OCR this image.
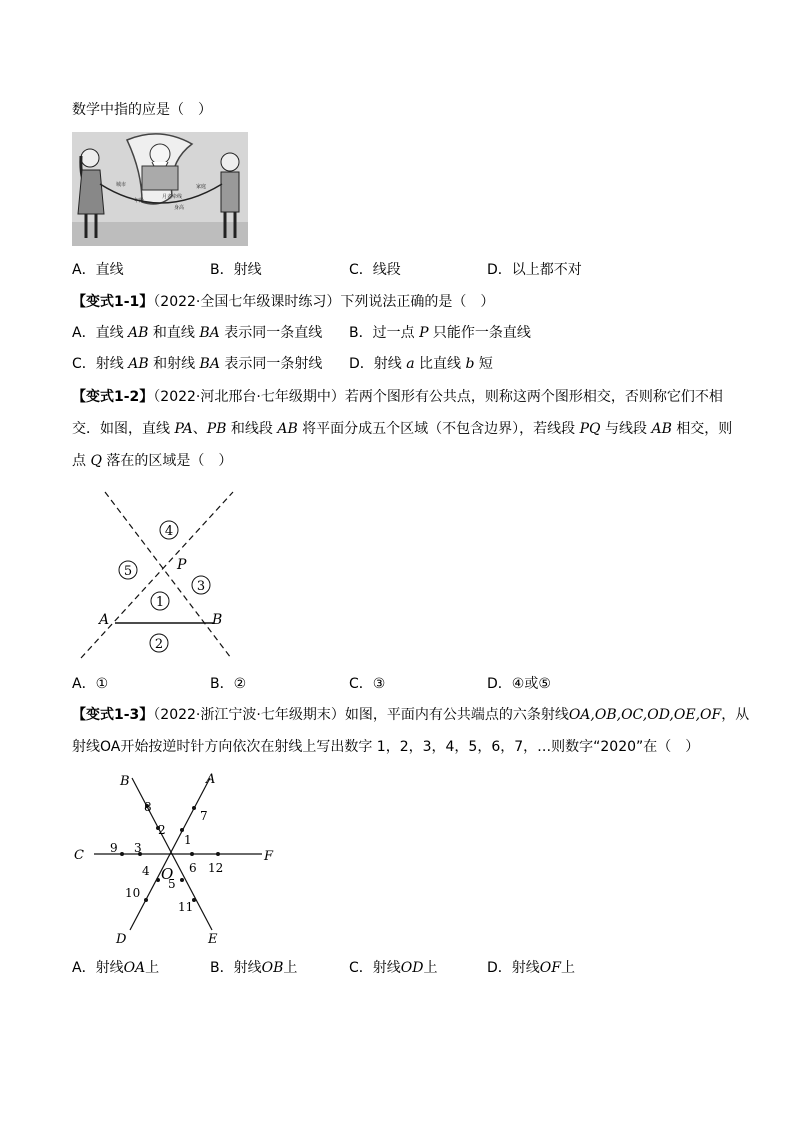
数学中指的应是（　）
城市
年龄
身高
家庭
月老牵线
A．直线	B．射线	C．线段	D．以上都不对
【变式1-1】（2022·全国七年级课时练习）下列说法正确的是（　）
A．直线 AB 和直线 BA 表示同一条直线 B．过一点 P 只能作一条直线
C．射线 AB 和射线 BA 表示同一条射线 D．射线 a 比直线 b 短
【变式1-2】（2022·河北邢台·七年级期中）若两个图形有公共点，则称这两个图形相交，否则称它们不相
交．如图，直线 PA、PB 和线段 AB 将平面分成五个区域（不包含边界），若线段 PQ 与线段 AB 相交，则
点 Q 落在的区域是（　）
A	B
P
1
2
3
4
5
A．①	B．②	C．③	D．④或⑤
【变式1-3】（2022·浙江宁波·七年级期末）如图，平面内有公共端点的六条射线OA,OB,OC,OD,OE,OF，从
射线OA开始按逆时针方向依次在射线上写出数字 1，2，3，4，5，6，7，…则数字“2020”在（　）
B	A
C	F
D	E
O
1
2
3
4
5
6
7
8
9
10
11
12
A．射线OA上	B．射线OB上	C．射线OD上	D．射线OF上
